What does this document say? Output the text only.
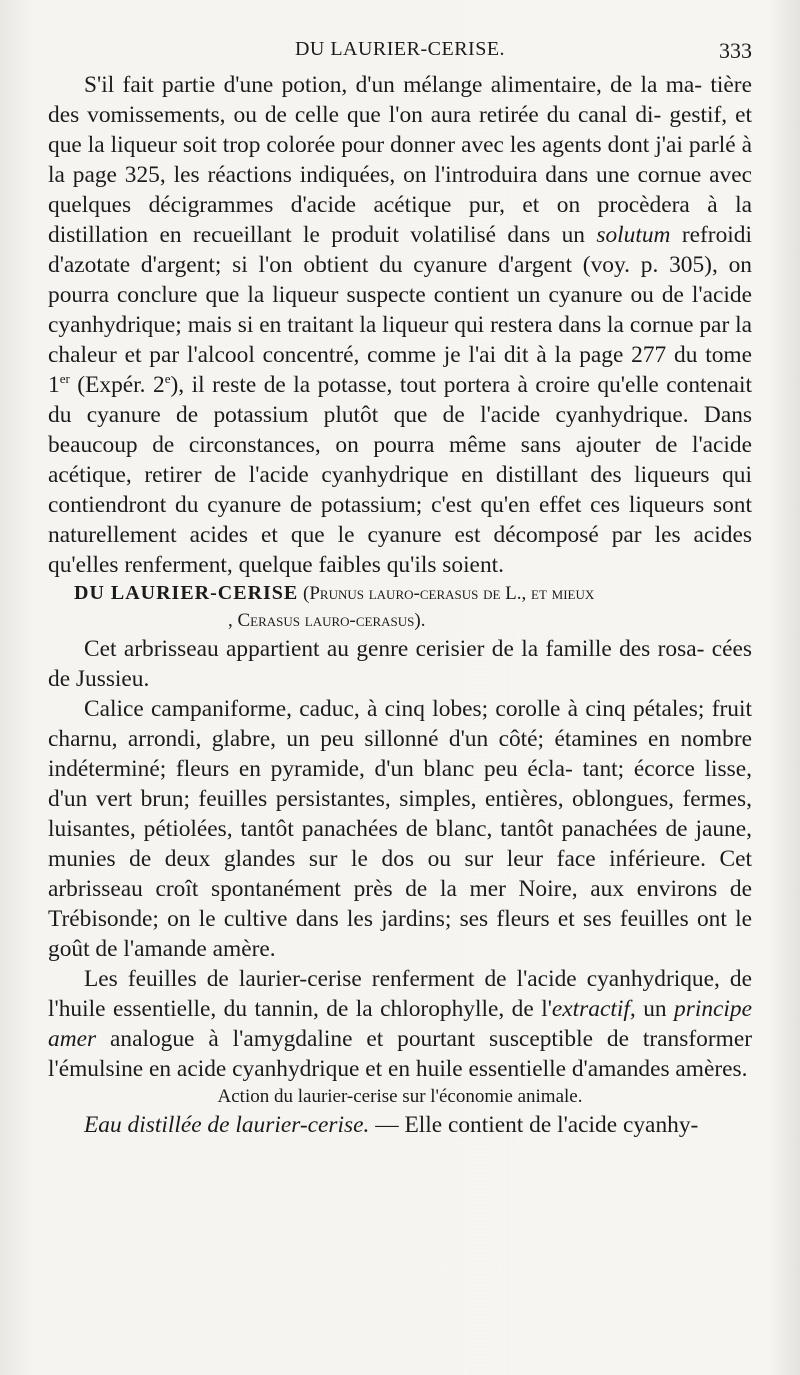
DU LAURIER-CERISE.	333

S'il fait partie d'une potion, d'un mélange alimentaire, de la ma- tière des vomissements, ou de celle que l'on aura retirée du canal di- gestif, et que la liqueur soit trop colorée pour donner avec les agents dont j'ai parlé à la page 325, les réactions indiquées, on l'introduira dans une cornue avec quelques décigrammes d'acide acétique pur, et on procèdera à la distillation en recueillant le produit volatilisé dans un solutum refroidi d'azotate d'argent; si l'on obtient du cyanure d'argent (voy. p. 305), on pourra conclure que la liqueur suspecte contient un cyanure ou de l'acide cyanhydrique; mais si en traitant la liqueur qui restera dans la cornue par la chaleur et par l'alcool concentré, comme je l'ai dit à la page 277 du tome 1er (Expér. 2e), il reste de la potasse, tout portera à croire qu'elle contenait du cyanure de potassium plutôt que de l'acide cyanhydrique. Dans beaucoup de circonstances, on pourra même sans ajouter de l'acide acétique, retirer de l'acide cyanhydrique en distillant des liqueurs qui contiendront du cyanure de potassium; c'est qu'en effet ces liqueurs sont naturellement acides et que le cyanure est décomposé par les acides qu'elles renferment, quelque faibles qu'ils soient.

DU LAURIER-CERISE (Prunus lauro-cerasus de L., et mieux
, Cerasus lauro-cerasus).

Cet arbrisseau appartient au genre cerisier de la famille des rosa- cées de Jussieu.

Calice campaniforme, caduc, à cinq lobes; corolle à cinq pétales; fruit charnu, arrondi, glabre, un peu sillonné d'un côté; étamines en nombre indéterminé; fleurs en pyramide, d'un blanc peu écla- tant; écorce lisse, d'un vert brun; feuilles persistantes, simples, entières, oblongues, fermes, luisantes, pétiolées, tantôt panachées de blanc, tantôt panachées de jaune, munies de deux glandes sur le dos ou sur leur face inférieure. Cet arbrisseau croît spontanément près de la mer Noire, aux environs de Trébisonde; on le cultive dans les jardins; ses fleurs et ses feuilles ont le goût de l'amande amère.

Les feuilles de laurier-cerise renferment de l'acide cyanhydrique, de l'huile essentielle, du tannin, de la chlorophylle, de l'extractif, un principe amer analogue à l'amygdaline et pourtant susceptible de transformer l'émulsine en acide cyanhydrique et en huile essentielle d'amandes amères.

Action du laurier-cerise sur l'économie animale.

Eau distillée de laurier-cerise. — Elle contient de l'acide cyanhy-
